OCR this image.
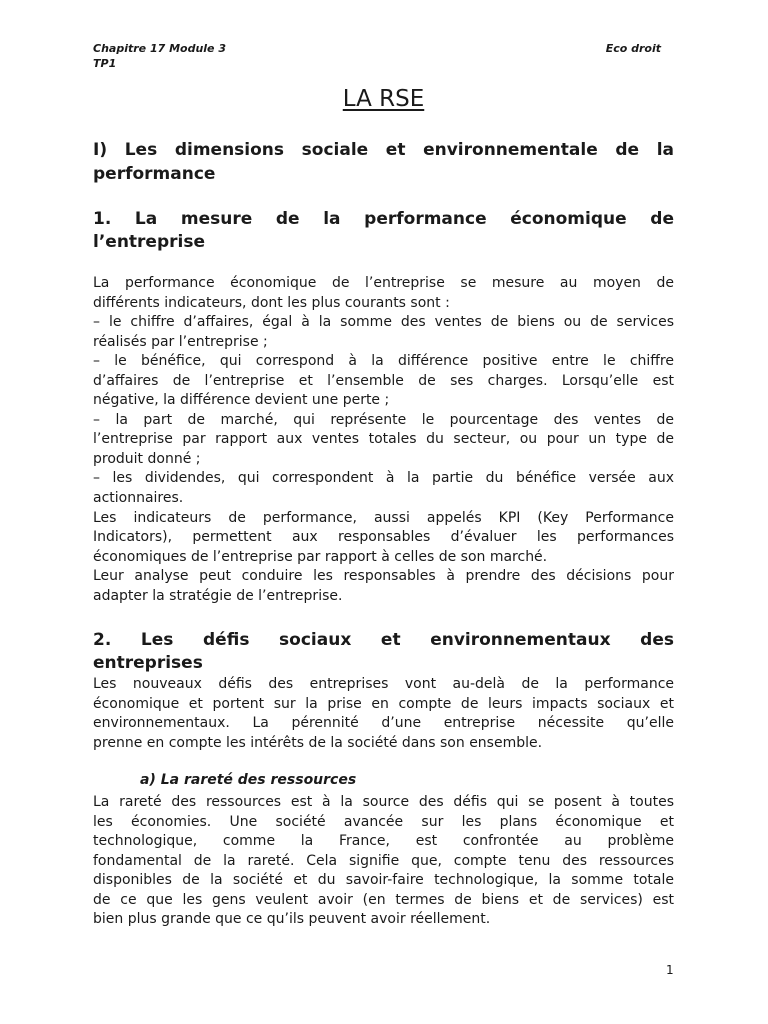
Chapitre 17 Module 3
TP1
Eco droit
LA RSE
I) Les dimensions sociale et environnementale de la
performance
1. La mesure de la performance économique de
l’entreprise
La performance économique de l’entreprise se mesure au moyen de
différents indicateurs, dont les plus courants sont :
– le chiffre d’affaires, égal à la somme des ventes de biens ou de services
réalisés par l’entreprise ;
– le bénéfice, qui correspond à la différence positive entre le chiffre
d’affaires de l’entreprise et l’ensemble de ses charges. Lorsqu’elle est
négative, la différence devient une perte ;
– la part de marché, qui représente le pourcentage des ventes de
l’entreprise par rapport aux ventes totales du secteur, ou pour un type de
produit donné ;
– les dividendes, qui correspondent à la partie du bénéfice versée aux
actionnaires.
Les indicateurs de performance, aussi appelés KPI (Key Performance
Indicators), permettent aux responsables d’évaluer les performances
économiques de l’entreprise par rapport à celles de son marché.
Leur analyse peut conduire les responsables à prendre des décisions pour
adapter la stratégie de l’entreprise.
2. Les défis sociaux et environnementaux des
entreprises
Les nouveaux défis des entreprises vont au-delà de la performance
économique et portent sur la prise en compte de leurs impacts sociaux et
environnementaux. La pérennité d’une entreprise nécessite qu’elle
prenne en compte les intérêts de la société dans son ensemble.
a) La rareté des ressources
La rareté des ressources est à la source des défis qui se posent à toutes
les économies. Une société avancée sur les plans économique et
technologique, comme la France, est confrontée au problème
fondamental de la rareté. Cela signifie que, compte tenu des ressources
disponibles de la société et du savoir-faire technologique, la somme totale
de ce que les gens veulent avoir (en termes de biens et de services) est
bien plus grande que ce qu’ils peuvent avoir réellement.
1
